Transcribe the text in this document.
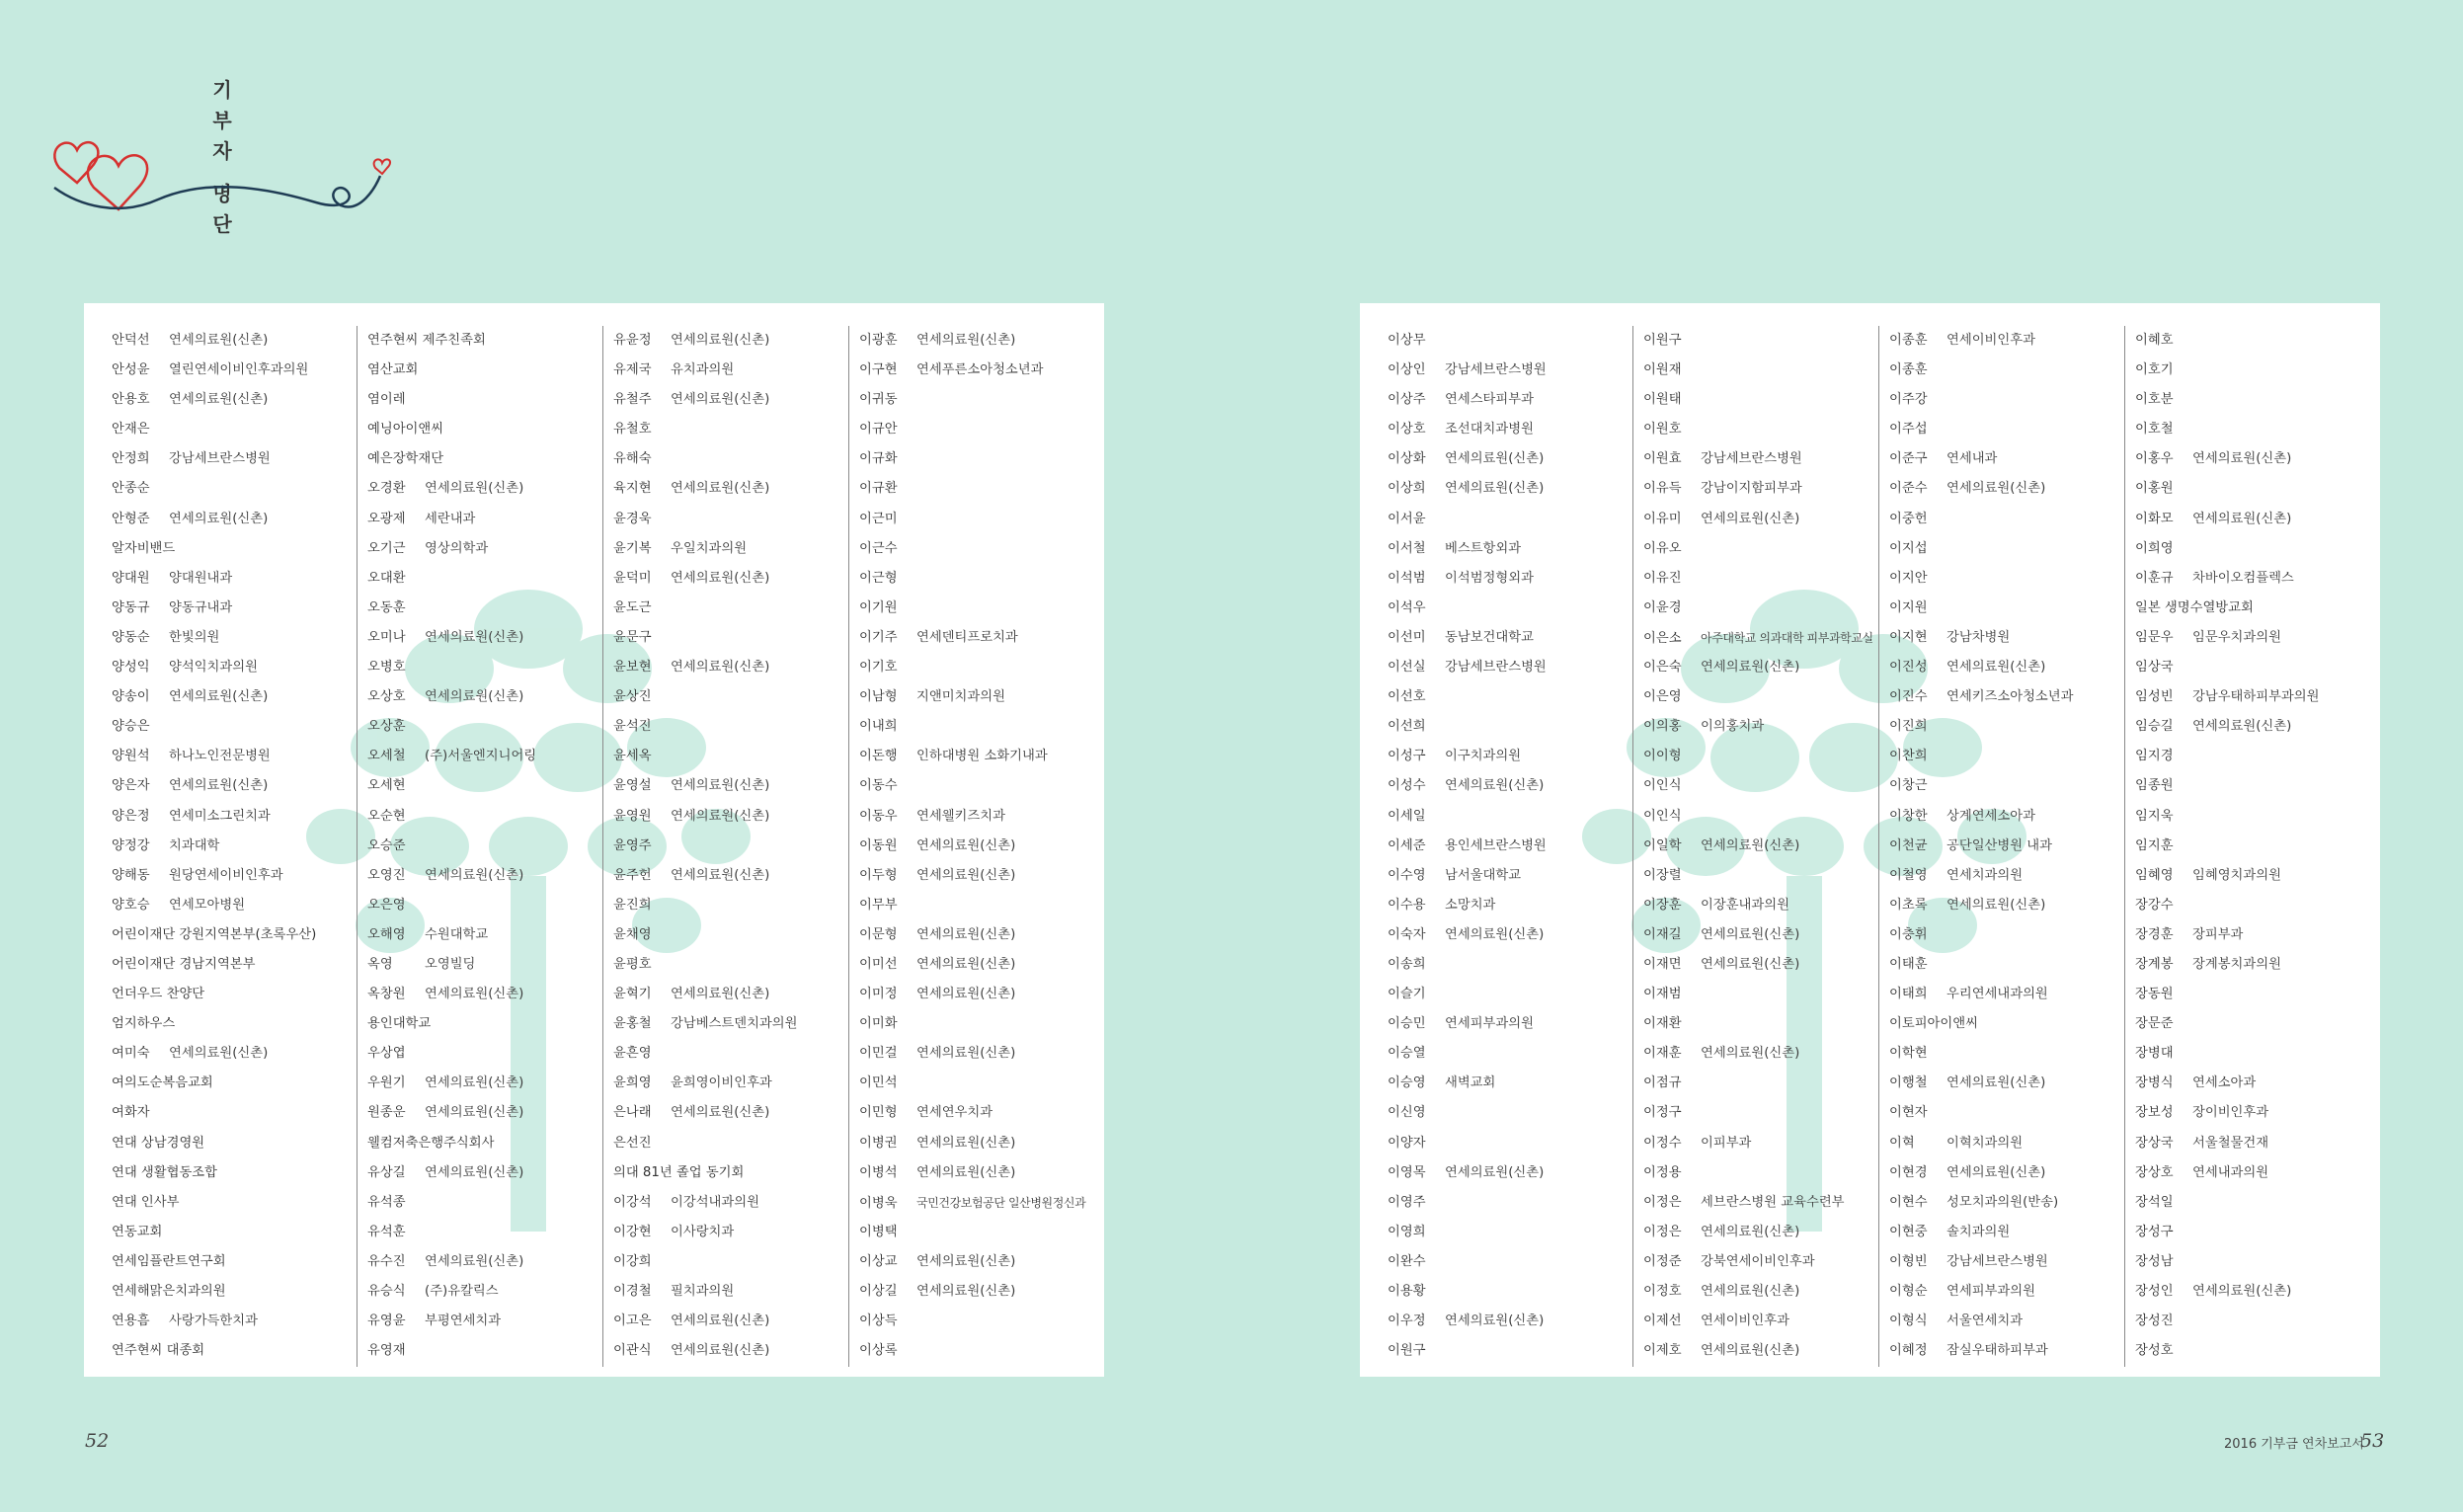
기
부
자
명
단
안덕선 연세의료원(신촌)
안성윤 열린연세이비인후과의원
안용호 연세의료원(신촌)
안재은
안정희 강남세브란스병원
안종순
안형준 연세의료원(신촌)
알자비밴드
양대원 양대원내과
양동규 양동규내과
양동순 한빛의원
양성익 양석익치과의원
양송이 연세의료원(신촌)
양승은
양원석 하나노인전문병원
양은자 연세의료원(신촌)
양은정 연세미소그린치과
양정강 치과대학
양해동 원당연세이비인후과
양호승 연세모아병원
어린이재단 강원지역본부(초록우산)
어린이재단 경남지역본부
언더우드 찬양단
엄지하우스
여미숙 연세의료원(신촌)
여의도순복음교회
여화자
연대 상남경영원
연대 생활협동조합
연대 인사부
연동교회
연세임플란트연구회
연세해맑은치과의원
연용흠 사랑가득한치과
연주현씨 대종회
연주현씨 제주친족회
염산교회
염이레
예닝아이앤씨
예은장학재단
오경환 연세의료원(신촌)
오광제 세란내과
오기근 영상의학과
오대환
오동훈
오미나 연세의료원(신촌)
오병호
오상호 연세의료원(신촌)
오상훈
오세철 (주)서울엔지니어링
오세현
오순현
오승준
오영진 연세의료원(신촌)
오은영
오해영 수원대학교
옥영 오영빌딩
옥창원 연세의료원(신촌)
용인대학교
우상엽
우원기 연세의료원(신촌)
원종운 연세의료원(신촌)
웰컴저축은행주식회사
유상길 연세의료원(신촌)
유석종
유석훈
유수진 연세의료원(신촌)
유승식 (주)유칼릭스
유영윤 부평연세치과
유영재
유윤정 연세의료원(신촌)
유제국 유치과의원
유철주 연세의료원(신촌)
유철호
유해숙
육지현 연세의료원(신촌)
윤경욱
윤기복 우일치과의원
윤덕미 연세의료원(신촌)
윤도근
윤문구
윤보현 연세의료원(신촌)
윤상진
윤석진
윤세옥
윤영설 연세의료원(신촌)
윤영원 연세의료원(신촌)
윤영주
윤주헌 연세의료원(신촌)
윤진희
윤채영
윤평호
윤혁기 연세의료원(신촌)
윤홍철 강남베스트덴치과의원
윤흔영
윤희영 윤희영이비인후과
은나래 연세의료원(신촌)
은선진
의대 81년 졸업 동기회
이강석 이강석내과의원
이강현 이사랑치과
이강희
이경철 필치과의원
이고은 연세의료원(신촌)
이관식 연세의료원(신촌)
이광훈 연세의료원(신촌)
이구현 연세푸른소아청소년과
이귀동
이규안
이규화
이규환
이근미
이근수
이근형
이기원
이기주 연세덴티프로치과
이기호
이남형 지앤미치과의원
이내희
이돈행 인하대병원 소화기내과
이동수
이동우 연세웰키즈치과
이동원 연세의료원(신촌)
이두형 연세의료원(신촌)
이무부
이문형 연세의료원(신촌)
이미선 연세의료원(신촌)
이미정 연세의료원(신촌)
이미화
이민걸 연세의료원(신촌)
이민석
이민형 연세연우치과
이병권 연세의료원(신촌)
이병석 연세의료원(신촌)
이병욱 국민건강보험공단 일산병원정신과
이병택
이상교 연세의료원(신촌)
이상길 연세의료원(신촌)
이상득
이상록
이상무
이상인 강남세브란스병원
이상주 연세스타피부과
이상호 조선대치과병원
이상화 연세의료원(신촌)
이상희 연세의료원(신촌)
이서윤
이서철 베스트항외과
이석범 이석범정형외과
이석우
이선미 동남보건대학교
이선실 강남세브란스병원
이선호
이선희
이성구 이구치과의원
이성수 연세의료원(신촌)
이세일
이세준 용인세브란스병원
이수영 남서울대학교
이수용 소망치과
이숙자 연세의료원(신촌)
이송희
이슬기
이승민 연세피부과의원
이승열
이승영 새벽교회
이신영
이양자
이영목 연세의료원(신촌)
이영주
이영희
이완수
이용황
이우정 연세의료원(신촌)
이원구
이원구
이원재
이원태
이원호
이원효 강남세브란스병원
이유득 강남이지함피부과
이유미 연세의료원(신촌)
이유오
이유진
이윤경
이은소 아주대학교 의과대학 피부과학교실
이은숙 연세의료원(신촌)
이은영
이의홍 이의홍치과
이이형
이인식
이인식
이일학 연세의료원(신촌)
이장렬
이장훈 이장훈내과의원
이재길 연세의료원(신촌)
이재면 연세의료원(신촌)
이재범
이재환
이재훈 연세의료원(신촌)
이점규
이정구
이정수 이피부과
이정용
이정은 세브란스병원 교육수련부
이정은 연세의료원(신촌)
이정준 강북연세이비인후과
이정호 연세의료원(신촌)
이제선 연세이비인후과
이제호 연세의료원(신촌)
이종훈 연세이비인후과
이종훈
이주강
이주섭
이준구 연세내과
이준수 연세의료원(신촌)
이중헌
이지섭
이지안
이지원
이지현 강남차병원
이진성 연세의료원(신촌)
이진수 연세키즈소아청소년과
이진희
이찬희
이창근
이창한 상계연세소아과
이천균 공단일산병원 내과
이철영 연세치과의원
이초록 연세의료원(신촌)
이충휘
이태훈
이태희 우리연세내과의원
이토피아이앤씨
이학현
이행철 연세의료원(신촌)
이현자
이혁 이혁치과의원
이현경 연세의료원(신촌)
이현수 성모치과의원(반송)
이현중 솔치과의원
이형빈 강남세브란스병원
이형순 연세피부과의원
이형식 서울연세치과
이혜정 잠실우태하피부과
이혜호
이호기
이호분
이호철
이홍우 연세의료원(신촌)
이홍원
이화모 연세의료원(신촌)
이희영
이훈규 차바이오컴플렉스
일본 생명수열방교회
임문우 임문우치과의원
임상국
임성빈 강남우태하피부과의원
임승길 연세의료원(신촌)
임지경
임종원
임지욱
임지훈
임혜영 임혜영치과의원
장강수
장경훈 장피부과
장계봉 장계봉치과의원
장동원
장문준
장병대
장병식 연세소아과
장보성 장이비인후과
장상국 서울철물건재
장상호 연세내과의원
장석일
장성구
장성남
장성인 연세의료원(신촌)
장성진
장성호
52	2016 기부금 연차보고서
53
